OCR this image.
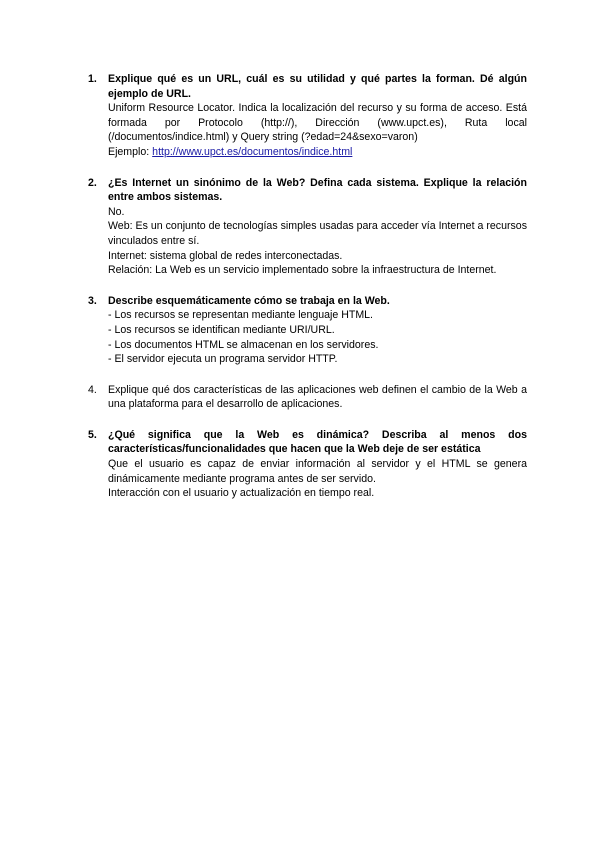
1.	Explique qué es un URL, cuál es su utilidad y qué partes la forman. Dé algún ejemplo de URL.

Uniform Resource Locator. Indica la localización del recurso y su forma de acceso. Está formada por Protocolo (http://), Dirección (www.upct.es), Ruta local (/documentos/indice.html) y Query string (?edad=24&sexo=varon)

Ejemplo: http://www.upct.es/documentos/indice.html

2.	¿Es Internet un sinónimo de la Web? Defina cada sistema. Explique la relación entre ambos sistemas.

No.

Web: Es un conjunto de tecnologías simples usadas para acceder vía Internet a recursos vinculados entre sí.

Internet: sistema global de redes interconectadas.

Relación: La Web es un servicio implementado sobre la infraestructura de Internet.

3.	Describe esquemáticamente cómo se trabaja en la Web.

- Los recursos se representan mediante lenguaje HTML.

- Los recursos se identifican mediante URI/URL.

- Los documentos HTML se almacenan en los servidores.

- El servidor ejecuta un programa servidor HTTP.

4.	Explique qué dos características de las aplicaciones web definen el cambio de la Web a una plataforma para el desarrollo de aplicaciones.

5.	¿Qué significa que la Web es dinámica? Describa al menos dos características/funcionalidades que hacen que la Web deje de ser estática

Que el usuario es capaz de enviar información al servidor y el HTML se genera dinámicamente mediante programa antes de ser servido.

Interacción con el usuario y actualización en tiempo real.
